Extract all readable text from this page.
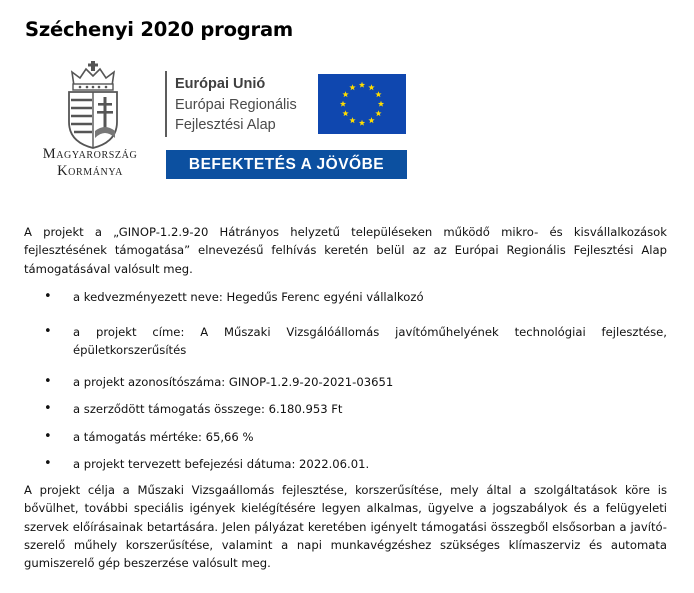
Széchenyi 2020 program
Magyarország
Kormánya
Európai Unió
Európai Regionális
Fejlesztési Alap
BEFEKTETÉS A JÖVŐBE

A projekt a „GINOP-1.2.9-20 Hátrányos helyzetű településeken működő mikro- és kisvállalkozások fejlesztésének támogatása” elnevezésű felhívás keretén belül az az Európai Regionális Fejlesztési Alap támogatásával valósult meg.

• a kedvezményezett neve: Hegedűs Ferenc egyéni vállalkozó
• a projekt címe: A Műszaki Vizsgálóállomás javítóműhelyének technológiai fejlesztése, épületkorszerűsítés
• a projekt azonosítószáma: GINOP-1.2.9-20-2021-03651
• a szerződött támogatás összege: 6.180.953 Ft
• a támogatás mértéke: 65,66 %
• a projekt tervezett befejezési dátuma: 2022.06.01.

A projekt célja a Műszaki Vizsgaállomás fejlesztése, korszerűsítése, mely által a szolgáltatások köre is bővülhet, további speciális igények kielégítésére legyen alkalmas, ügyelve a jogszabályok és a felügyeleti szervek előírásainak betartására. Jelen pályázat keretében igényelt támogatási összegből elsősorban a javító-szerelő műhely korszerűsítése, valamint a napi munkavégzéshez szükséges klímaszerviz és automata gumiszerelő gép beszerzése valósult meg.
